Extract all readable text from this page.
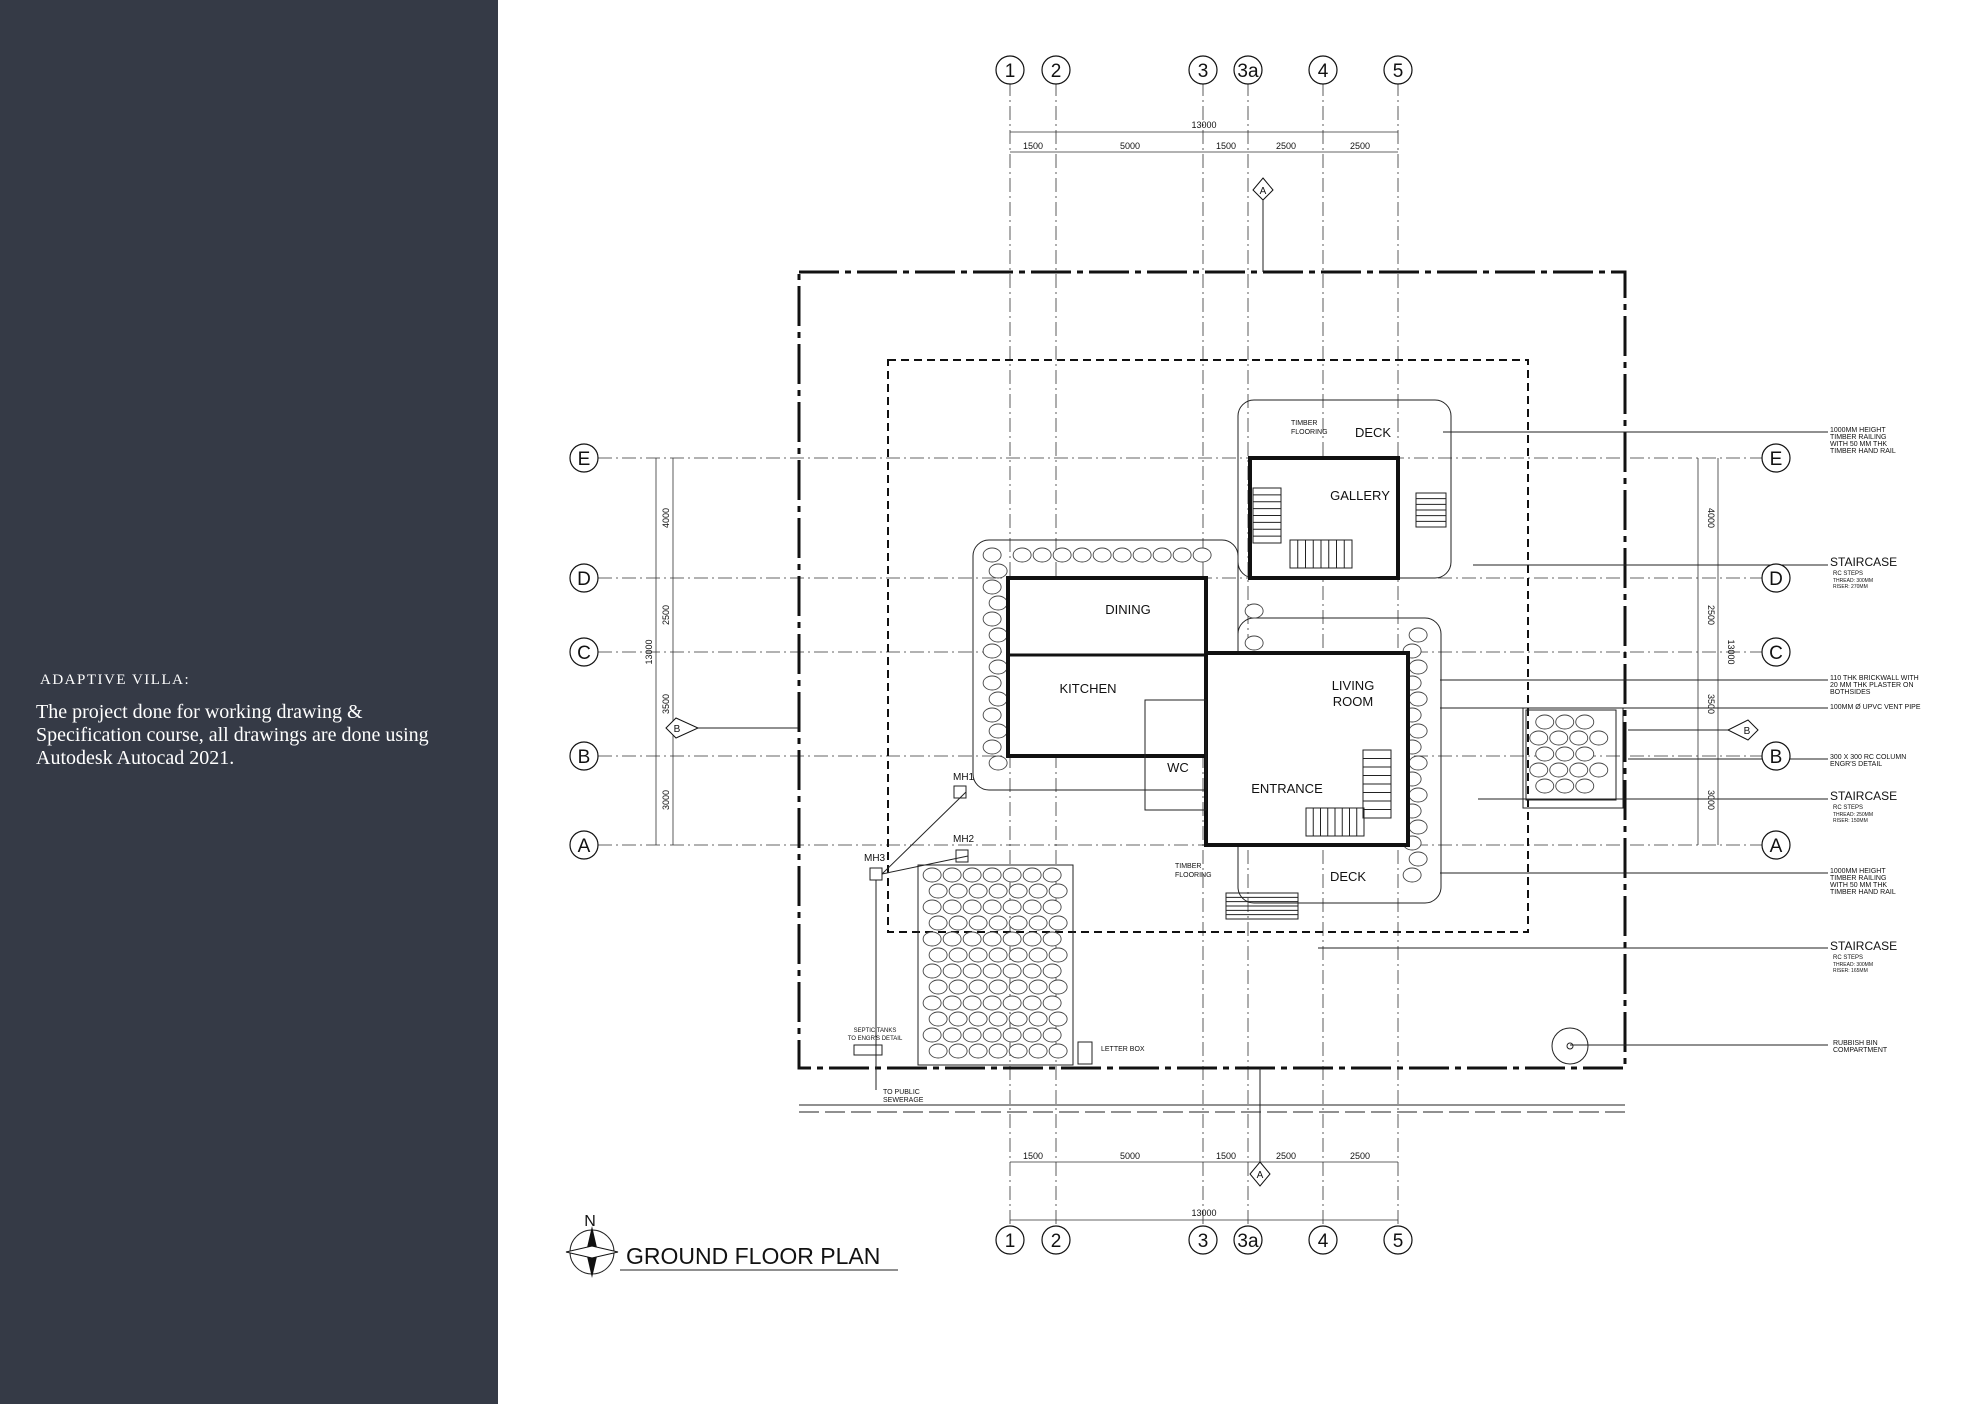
ADAPTIVE VILLA:
The project done for working drawing & Specification course, all drawings are done using Autodesk Autocad 2021.
13000
1500	5000	1500	2500	2500
13000
1500	5000	1500	2500	2500
4000
2500
3500
3000
13000
4000
2500
3500
3000
13000
DECK
TIMBER
FLOORING
GALLERY
DINING
KITCHEN	LIVING
ROOM
WC
ENTRANCE
DECK
TIMBER
FLOORING
MH1
MH2
MH3
SEPTIC TANKS
TO ENGR'S DETAIL
TO PUBLIC
SEWERAGE
LETTER BOX
1000MM HEIGHT
TIMBER RAILING
WITH 50 MM THK
TIMBER HAND RAIL
STAIRCASE
RC STEPS
THREAD: 300MM
RISER: 270MM
110 THK BRICKWALL WITH
20 MM THK PLASTER ON
BOTHSIDES
100MM Ø UPVC VENT PIPE
300 X 300 RC COLUMN
ENGR'S DETAIL
STAIRCASE
RC STEPS
THREAD: 250MM
RISER: 150MM
1000MM HEIGHT
TIMBER RAILING
WITH 50 MM THK
TIMBER HAND RAIL
STAIRCASE
RC STEPS
THREAD: 300MM
RISER: 165MM
RUBBISH BIN
COMPARTMENT
B	B
A
A
N
GROUND FLOOR PLAN
1
1
2
2
3
3
3a
3a
4
4
5
5
E	E
D	D
C	C
B	B
A	A
